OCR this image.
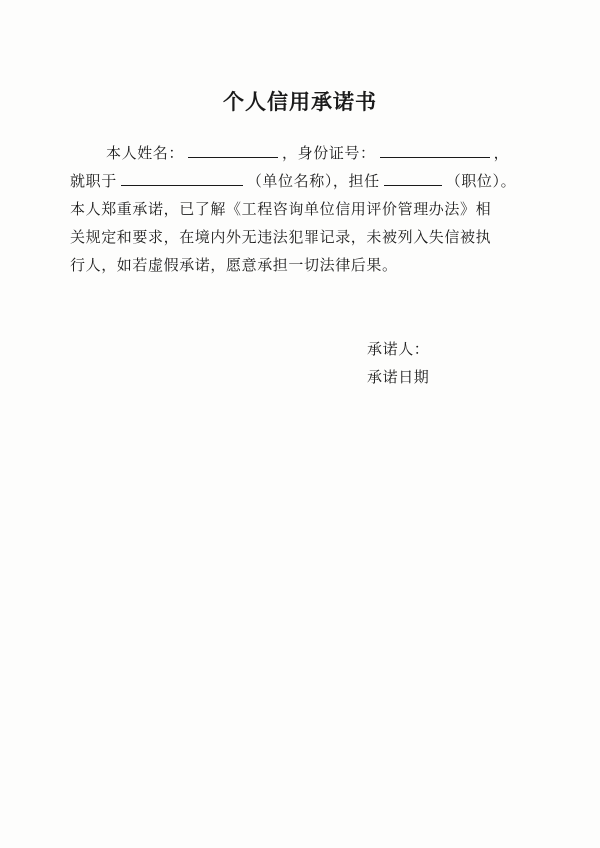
个人信用承诺书
本人姓名：	，身份证号：	，
就职于	（单位名称），担任	（职位）。
本人郑重承诺，已了解《工程咨询单位信用评价管理办法》相
关规定和要求，在境内外无违法犯罪记录，未被列入失信被执
行人，如若虚假承诺，愿意承担一切法律后果。
承诺人：
承诺日期
